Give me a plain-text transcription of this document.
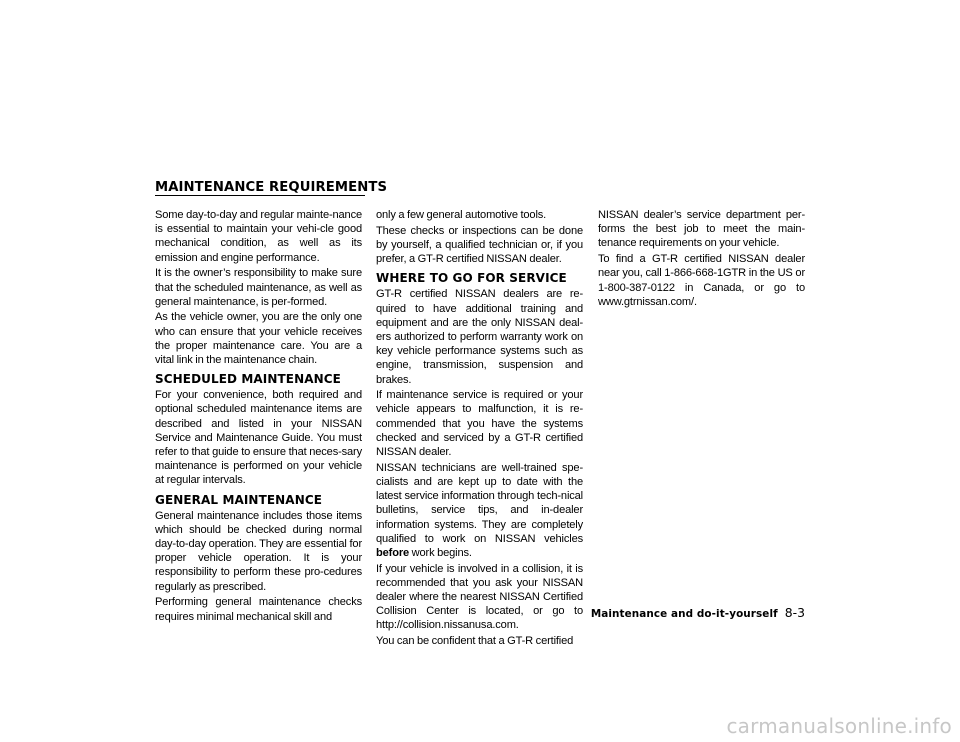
MAINTENANCE REQUIREMENTS

Some day-to-day and regular mainte-nance is essential to maintain your vehi-cle good mechanical condition, as well as its emission and engine performance.

It is the owner’s responsibility to make sure that the scheduled maintenance, as well as general maintenance, is per-formed.

As the vehicle owner, you are the only one who can ensure that your vehicle receives the proper maintenance care. You are a vital link in the maintenance chain.

SCHEDULED MAINTENANCE

For your convenience, both required and optional scheduled maintenance items are described and listed in your NISSAN Service and Maintenance Guide. You must refer to that guide to ensure that neces-sary maintenance is performed on your vehicle at regular intervals.

GENERAL MAINTENANCE

General maintenance includes those items which should be checked during normal day-to-day operation. They are essential for proper vehicle operation. It is your responsibility to perform these pro-cedures regularly as prescribed.

Performing general maintenance checks requires minimal mechanical skill and

only a few general automotive tools.

These checks or inspections can be done by yourself, a qualified technician or, if you prefer, a GT-R certified NISSAN dealer.

WHERE TO GO FOR SERVICE

GT-R certified NISSAN dealers are re-quired to have additional training and equipment and are the only NISSAN deal-ers authorized to perform warranty work on key vehicle performance systems such as engine, transmission, suspension and brakes.

If maintenance service is required or your vehicle appears to malfunction, it is re-commended that you have the systems checked and serviced by a GT-R certified NISSAN dealer.

NISSAN technicians are well-trained spe-cialists and are kept up to date with the latest service information through tech-nical bulletins, service tips, and in-dealer information systems. They are completely qualified to work on NISSAN vehicles before work begins.

If your vehicle is involved in a collision, it is recommended that you ask your NISSAN dealer where the nearest NISSAN Certified Collision Center is located, or go to http://collision.nissanusa.com.

You can be confident that a GT-R certified

NISSAN dealer’s service department per-forms the best job to meet the main-tenance requirements on your vehicle.

To find a GT-R certified NISSAN dealer near you, call 1-866-668-1GTR in the US or 1-800-387-0122 in Canada, or go to www.gtrnissan.com/.

Maintenance and do-it-yourself 8-3
carmanualsonline.info
